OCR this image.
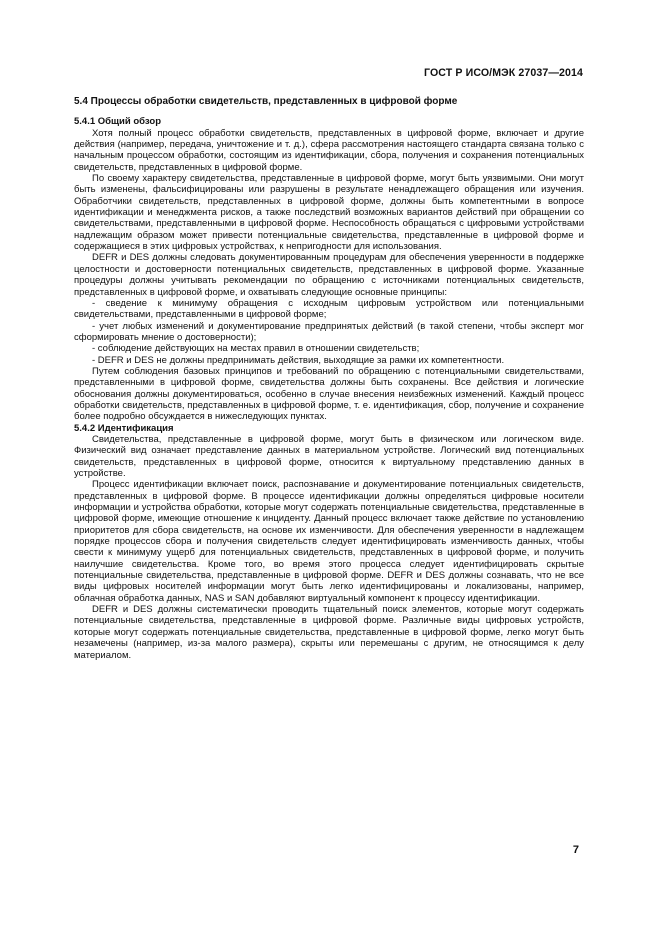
ГОСТ Р ИСО/МЭК 27037—2014

5.4 Процессы обработки свидетельств, представленных в цифровой форме

5.4.1 Общий обзор

Хотя полный процесс обработки свидетельств, представленных в цифровой форме, включает и другие действия (например, передача, уничтожение и т. д.), сфера рассмотрения настоящего стандарта связана только с начальным процессом обработки, состоящим из идентификации, сбора, получения и сохранения потенциальных свидетельств, представленных в цифровой форме.

По своему характеру свидетельства, представленные в цифровой форме, могут быть уязвимыми. Они могут быть изменены, фальсифицированы или разрушены в результате ненадлежащего обращения или изучения. Обработчики свидетельств, представленных в цифровой форме, должны быть компетентными в вопросе идентификации и менеджмента рисков, а также последствий возможных вариантов действий при обращении со свидетельствами, представленными в цифровой форме. Неспособность обращаться с цифровыми устройствами надлежащим образом может привести потенциальные свидетельства, представленные в цифровой форме и содержащиеся в этих цифровых устройствах, к непригодности для использования.

DEFR и DES должны следовать документированным процедурам для обеспечения уверенности в поддержке целостности и достоверности потенциальных свидетельств, представленных в цифровой форме. Указанные процедуры должны учитывать рекомендации по обращению с источниками потенциальных свидетельств, представленных в цифровой форме, и охватывать следующие основные принципы:

- сведение к минимуму обращения с исходным цифровым устройством или потенциальными свидетельствами, представленными в цифровой форме;

- учет любых изменений и документирование предпринятых действий (в такой степени, чтобы эксперт мог сформировать мнение о достоверности);

- соблюдение действующих на местах правил в отношении свидетельств;

- DEFR и DES не должны предпринимать действия, выходящие за рамки их компетентности.

Путем соблюдения базовых принципов и требований по обращению с потенциальными свидетельствами, представленными в цифровой форме, свидетельства должны быть сохранены. Все действия и логические обоснования должны документироваться, особенно в случае внесения неизбежных изменений. Каждый процесс обработки свидетельств, представленных в цифровой форме, т. е. идентификация, сбор, получение и сохранение более подробно обсуждается в нижеследующих пунктах.

5.4.2 Идентификация

Свидетельства, представленные в цифровой форме, могут быть в физическом или логическом виде. Физический вид означает представление данных в материальном устройстве. Логический вид потенциальных свидетельств, представленных в цифровой форме, относится к виртуальному представлению данных в устройстве.

Процесс идентификации включает поиск, распознавание и документирование потенциальных свидетельств, представленных в цифровой форме. В процессе идентификации должны определяться цифровые носители информации и устройства обработки, которые могут содержать потенциальные свидетельства, представленные в цифровой форме, имеющие отношение к инциденту. Данный процесс включает также действие по установлению приоритетов для сбора свидетельств, на основе их изменчивости. Для обеспечения уверенности в надлежащем порядке процессов сбора и получения свидетельств следует идентифицировать изменчивость данных, чтобы свести к минимуму ущерб для потенциальных свидетельств, представленных в цифровой форме, и получить наилучшие свидетельства. Кроме того, во время этого процесса следует идентифицировать скрытые потенциальные свидетельства, представленные в цифровой форме. DEFR и DES должны сознавать, что не все виды цифровых носителей информации могут быть легко идентифицированы и локализованы, например, облачная обработка данных, NAS и SAN добавляют виртуальный компонент к процессу идентификации.

DEFR и DES должны систематически проводить тщательный поиск элементов, которые могут содержать потенциальные свидетельства, представленные в цифровой форме. Различные виды цифровых устройств, которые могут содержать потенциальные свидетельства, представленные в цифровой форме, легко могут быть незамечены (например, из-за малого размера), скрыты или перемешаны с другим, не относящимся к делу материалом.

7
